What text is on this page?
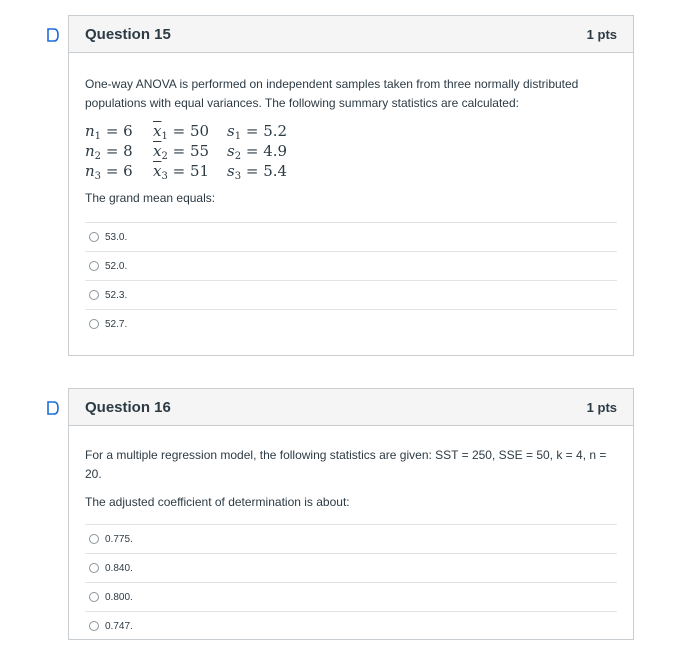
Question 15	1 pts

One-way ANOVA is performed on independent samples taken from three normally distributed populations with equal variances. The following summary statistics are calculated:

$n_1 = 6$	$\overline{x}_1 = 50$	$s_1 = 5.2$
$n_2 = 8$	$\overline{x}_2 = 55$	$s_2 = 4.9$
$n_3 = 6$	$\overline{x}_3 = 51$	$s_3 = 5.4$

The grand mean equals:

53.0.
52.0.
52.3.
52.7.
Question 16	1 pts

For a multiple regression model, the following statistics are given: SST = 250, SSE = 50, k = 4, n = 20.

The adjusted coefficient of determination is about:

0.775.
0.840.
0.800.
0.747.
